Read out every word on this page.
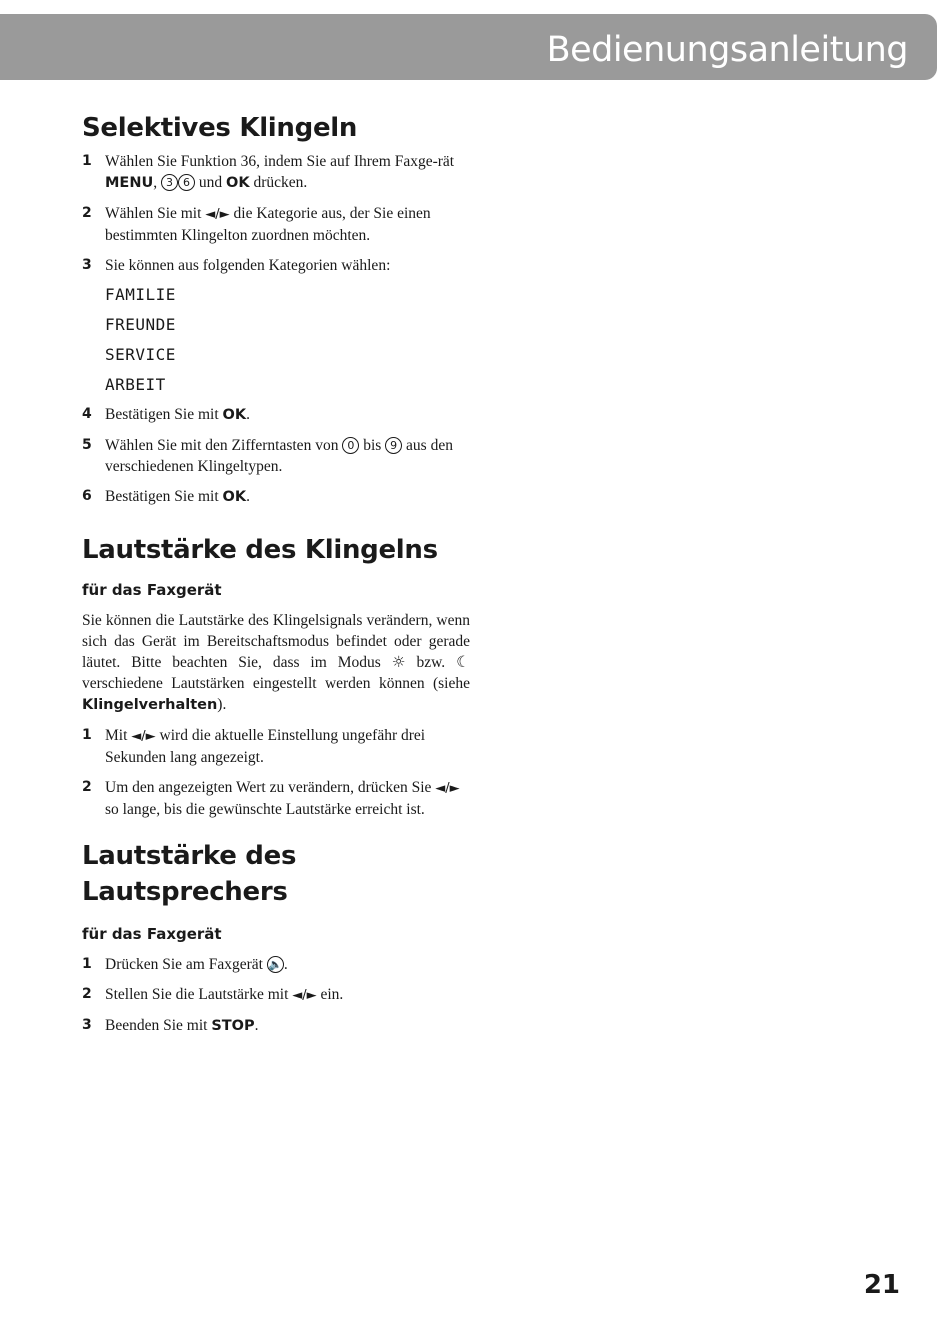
Bedienungsanleitung
Selektives Klingeln
1 Wählen Sie Funktion 36, indem Sie auf Ihrem Faxge-rät MENU, 3 6 und OK drücken.
2 Wählen Sie mit ◄/► die Kategorie aus, der Sie einen bestimmten Klingelton zuordnen möchten.
3 Sie können aus folgenden Kategorien wählen:
FAMILIE
FREUNDE
SERVICE
ARBEIT
4 Bestätigen Sie mit OK.
5 Wählen Sie mit den Zifferntasten von 0 bis 9 aus den verschiedenen Klingeltypen.
6 Bestätigen Sie mit OK.
Lautstärke des Klingelns
für das Faxgerät
Sie können die Lautstärke des Klingelsignals verändern, wenn sich das Gerät im Bereitschaftsmodus befindet oder gerade läutet. Bitte beachten Sie, dass im Modus ☼ bzw. ☾ verschiedene Lautstärken eingestellt werden können (siehe Klingelverhalten).
1 Mit ◄/► wird die aktuelle Einstellung ungefähr drei Sekunden lang angezeigt.
2 Um den angezeigten Wert zu verändern, drücken Sie ◄/► so lange, bis die gewünschte Lautstärke erreicht ist.
Lautstärke des Lautsprechers
für das Faxgerät
1 Drücken Sie am Faxgerät 🔈 .
2 Stellen Sie die Lautstärke mit ◄/► ein.
3 Beenden Sie mit STOP.
21
